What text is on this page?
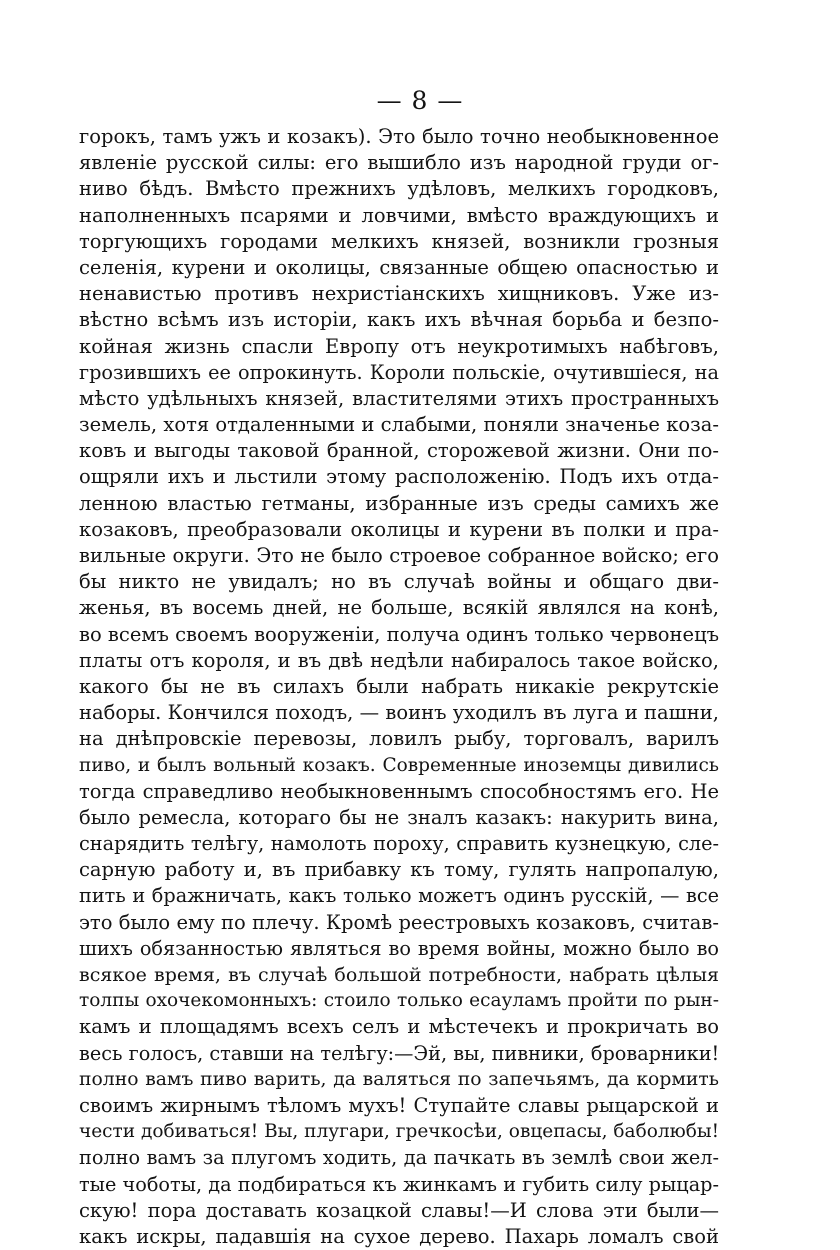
— 8 —
горокъ, тамъ ужъ и козакъ). Это было точно необыкновенное
явленіе русской силы: его вышибло изъ народной груди ог-
ниво бѣдъ. Вмѣсто прежнихъ удѣловъ, мелкихъ городковъ,
наполненныхъ псарями и ловчими, вмѣсто враждующихъ и
торгующихъ городами мелкихъ князей, возникли грозныя
селенія, курени и околицы, связанные общею опасностью и
ненавистью противъ нехристіанскихъ хищниковъ. Уже из-
вѣстно всѣмъ изъ исторіи, какъ ихъ вѣчная борьба и безпо-
койная жизнь спасли Европу отъ неукротимыхъ набѣговъ,
грозившихъ ее опрокинуть. Короли польскіе, очутившіеся, на
мѣсто удѣльныхъ князей, властителями этихъ пространныхъ
земель, хотя отдаленными и слабыми, поняли значенье коза-
ковъ и выгоды таковой бранной, сторожевой жизни. Они по-
ощряли ихъ и льстили этому расположенію. Подъ ихъ отда-
ленною властью гетманы, избранные изъ среды самихъ же
козаковъ, преобразовали околицы и курени въ полки и пра-
вильные округи. Это не было строевое собранное войско; его
бы никто не увидалъ; но въ случаѣ войны и общаго дви-
женья, въ восемь дней, не больше, всякій являлся на конѣ,
во всемъ своемъ вооруженіи, получа одинъ только червонецъ
платы отъ короля, и въ двѣ недѣли набиралось такое войско,
какого бы не въ силахъ были набрать никакіе рекрутскіе
наборы. Кончился походъ, — воинъ уходилъ въ луга и пашни,
на днѣпровскіе перевозы, ловилъ рыбу, торговалъ, варилъ
пиво, и былъ вольный козакъ. Современные иноземцы дивились
тогда справедливо необыкновеннымъ способностямъ его. Не
было ремесла, котораго бы не зналъ казакъ: накурить вина,
снарядить телѣгу, намолоть пороху, справить кузнецкую, сле-
сарную работу и, въ прибавку къ тому, гулять напропалую,
пить и бражничать, какъ только можетъ одинъ русскій, — все
это было ему по плечу. Кромѣ реестровыхъ козаковъ, считав-
шихъ обязанностью являться во время войны, можно было во
всякое время, въ случаѣ большой потребности, набрать цѣлыя
толпы охочекомонныхъ: стоило только есауламъ пройти по рын-
камъ и площадямъ всехъ селъ и мѣстечекъ и прокричать во
весь голосъ, ставши на телѣгу:—Эй, вы, пивники, броварники!
полно вамъ пиво варить, да валяться по запечьямъ, да кормить
своимъ жирнымъ тѣломъ мухъ! Ступайте славы рыцарской и
чести добиваться! Вы, плугари, гречкосѣи, овцепасы, баболюбы!
полно вамъ за плугомъ ходить, да пачкать въ землѣ свои жел-
тые чоботы, да подбираться къ жинкамъ и губить силу рыцар-
скую! пора доставать козацкой славы!—И слова эти были—
какъ искры, падавшія на сухое дерево. Пахарь ломалъ свой
